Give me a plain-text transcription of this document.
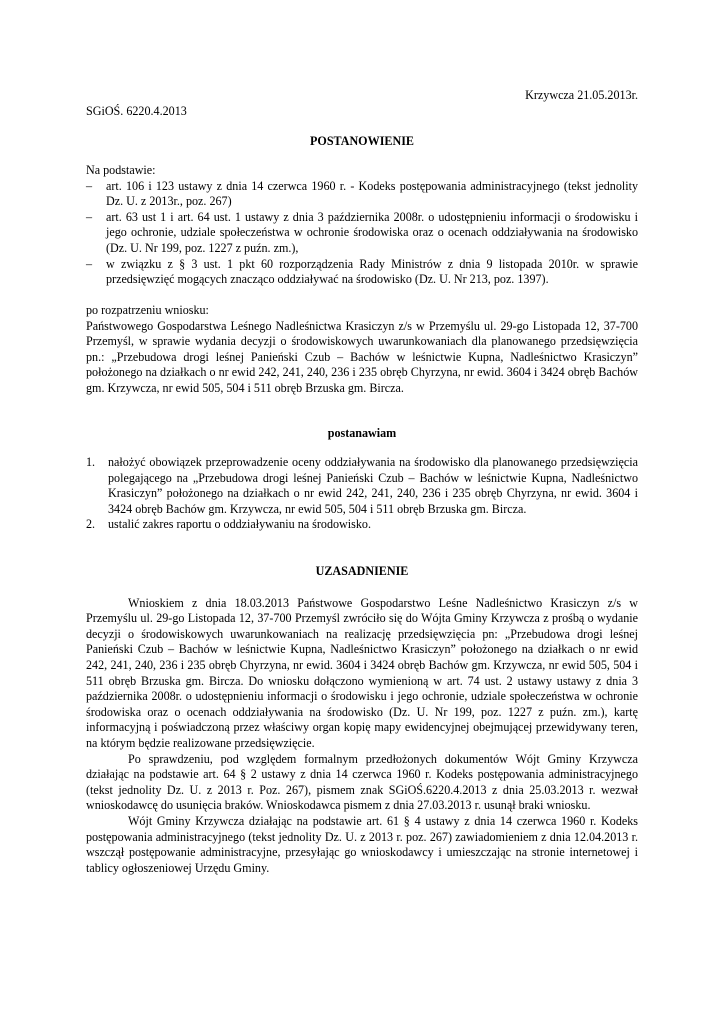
Krzywcza 21.05.2013r.
SGiOŚ. 6220.4.2013
POSTANOWIENIE

Na podstawie:

– art. 106 i 123 ustawy z dnia 14 czerwca 1960 r. - Kodeks postępowania administracyjnego (tekst jednolity Dz. U. z 2013r., poz. 267)
– art. 63 ust 1 i art. 64 ust. 1 ustawy z dnia 3 października 2008r. o udostępnieniu informacji o środowisku i jego ochronie, udziale społeczeństwa w ochronie środowiska oraz o ocenach oddziaływania na środowisko (Dz. U. Nr 199, poz. 1227 z puźn. zm.),
– w związku z § 3 ust. 1 pkt 60 rozporządzenia Rady Ministrów z dnia 9 listopada 2010r. w sprawie przedsięwzięć mogących znacząco oddziaływać na środowisko (Dz. U. Nr 213, poz. 1397).

po rozpatrzeniu wniosku:

Państwowego Gospodarstwa Leśnego Nadleśnictwa Krasiczyn z/s w Przemyślu ul. 29-go Listopada 12, 37-700 Przemyśl, w sprawie wydania decyzji o środowiskowych uwarunkowaniach dla planowanego przedsięwzięcia pn.: „Przebudowa drogi leśnej Panieński Czub – Bachów w leśnictwie Kupna, Nadleśnictwo Krasiczyn” położonego na działkach o nr ewid 242, 241, 240, 236 i 235 obręb Chyrzyna, nr ewid. 3604 i 3424 obręb Bachów gm. Krzywcza, nr ewid 505, 504 i 511 obręb Brzuska gm. Bircza.

postanawiam
1. nałożyć obowiązek przeprowadzenie oceny oddziaływania na środowisko dla planowanego przedsięwzięcia polegającego na „Przebudowa drogi leśnej Panieński Czub – Bachów w leśnictwie Kupna, Nadleśnictwo Krasiczyn” położonego na działkach o nr ewid 242, 241, 240, 236 i 235 obręb Chyrzyna, nr ewid. 3604 i 3424 obręb Bachów gm. Krzywcza, nr ewid 505, 504 i 511 obręb Brzuska gm. Bircza.
2. ustalić zakres raportu o oddziaływaniu na środowisko.
UZASADNIENIE

Wnioskiem z dnia 18.03.2013 Państwowe Gospodarstwo Leśne Nadleśnictwo Krasiczyn z/s w Przemyślu ul. 29-go Listopada 12, 37-700 Przemyśl zwróciło się do Wójta Gminy Krzywcza z prośbą o wydanie decyzji o środowiskowych uwarunkowaniach na realizację przedsięwzięcia pn: „Przebudowa drogi leśnej Panieński Czub – Bachów w leśnictwie Kupna, Nadleśnictwo Krasiczyn” położonego na działkach o nr ewid 242, 241, 240, 236 i 235 obręb Chyrzyna, nr ewid. 3604 i 3424 obręb Bachów gm. Krzywcza, nr ewid 505, 504 i 511 obręb Brzuska gm. Bircza. Do wniosku dołączono wymienioną w art. 74 ust. 2 ustawy ustawy z dnia 3 października 2008r. o udostępnieniu informacji o środowisku i jego ochronie, udziale społeczeństwa w ochronie środowiska oraz o ocenach oddziaływania na środowisko (Dz. U. Nr 199, poz. 1227 z puźn. zm.), kartę informacyjną i poświadczoną przez właściwy organ kopię mapy ewidencyjnej obejmującej przewidywany teren, na którym będzie realizowane przedsięwzięcie.

Po sprawdzeniu, pod względem formalnym przedłożonych dokumentów Wójt Gminy Krzywcza działając na podstawie art. 64 § 2 ustawy z dnia 14 czerwca 1960 r. Kodeks postępowania administracyjnego (tekst jednolity Dz. U. z 2013 r. Poz. 267), pismem znak SGiOŚ.6220.4.2013 z dnia 25.03.2013 r. wezwał wnioskodawcę do usunięcia braków. Wnioskodawca pismem z dnia 27.03.2013 r. usunął braki wniosku.

Wójt Gminy Krzywcza działając na podstawie art. 61 § 4 ustawy z dnia 14 czerwca 1960 r. Kodeks postępowania administracyjnego (tekst jednolity Dz. U. z 2013 r. poz. 267) zawiadomieniem z dnia 12.04.2013 r. wszczął postępowanie administracyjne, przesyłając go wnioskodawcy i umieszczając na stronie internetowej i tablicy ogłoszeniowej Urzędu Gminy.
